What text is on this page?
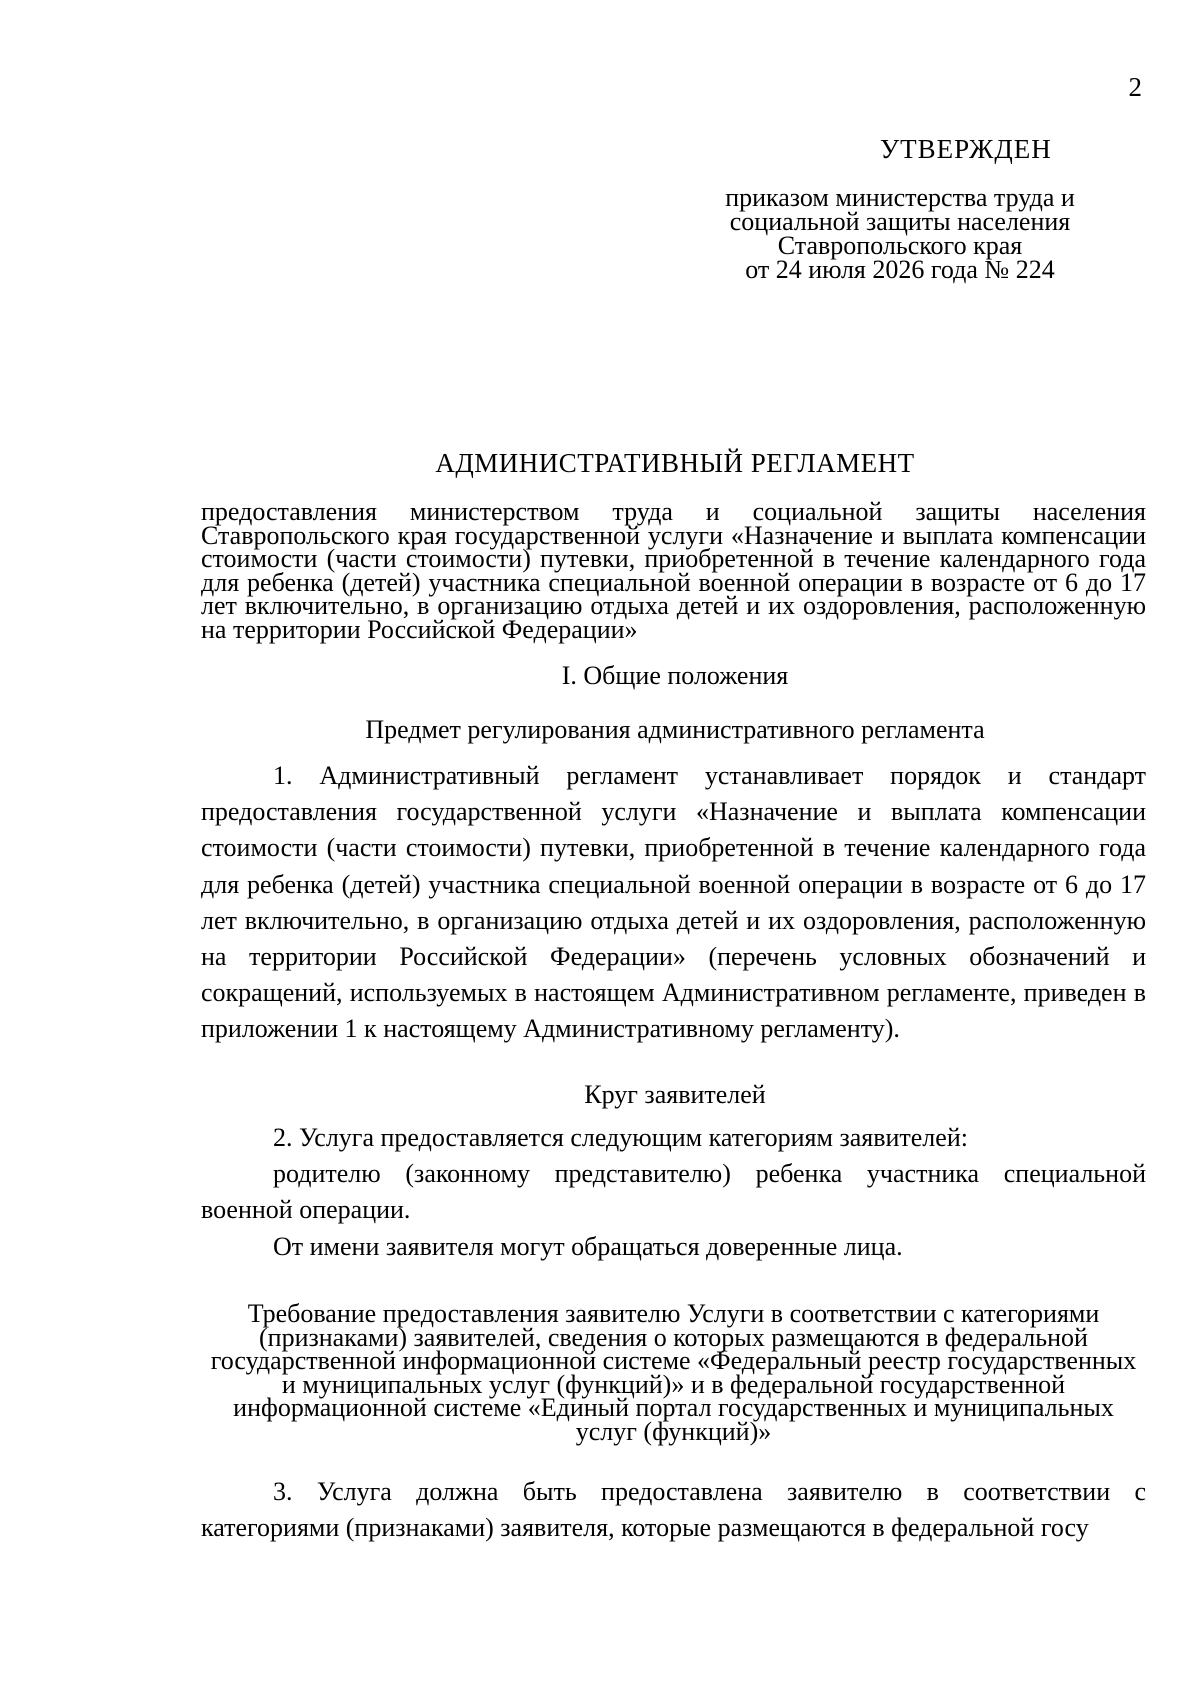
2
УТВЕРЖДЕН
приказом министерства труда и
социальной защиты населения
Ставропольского края
от 24 июля 2026 года № 224
АДМИНИСТРАТИВНЫЙ РЕГЛАМЕНТ
предоставления министерством труда и социальной защиты населения Ставропольского края государственной услуги «Назначение и выплата компенсации стоимости (части стоимости) путевки, приобретенной в течение календарного года для ребенка (детей) участника специальной военной операции в возрасте от 6 до 17 лет включительно, в организацию отдыха детей и их оздоровления, расположенную на территории Российской Федерации»
I. Общие положения
Предмет регулирования административного регламента

1. Административный регламент устанавливает порядок и стандарт предоставления государственной услуги «Назначение и выплата компенсации стоимости (части стоимости) путевки, приобретенной в течение календарного года для ребенка (детей) участника специальной военной операции в возрасте от 6 до 17 лет включительно, в организацию отдыха детей и их оздоровления, расположенную на территории Российской Федерации» (перечень условных обозначений и сокращений, используемых в настоящем Административном регламенте, приведен в приложении 1 к настоящему Административному регламенту).

Круг заявителей

2. Услуга предоставляется следующим категориям заявителей:

родителю (законному представителю) ребенка участника специальной военной операции.

От имени заявителя могут обращаться доверенные лица.

Требование предоставления заявителю Услуги в соответствии с категориями (признаками) заявителей, сведения о которых размещаются в федеральной государственной информационной системе «Федеральный реестр государственных и муниципальных услуг (функций)» и в федеральной государственной информационной системе «Единый портал государственных и муниципальных услуг (функций)»

3. Услуга должна быть предоставлена заявителю в соответствии с категориями (признаками) заявителя, которые размещаются в федеральной госу
